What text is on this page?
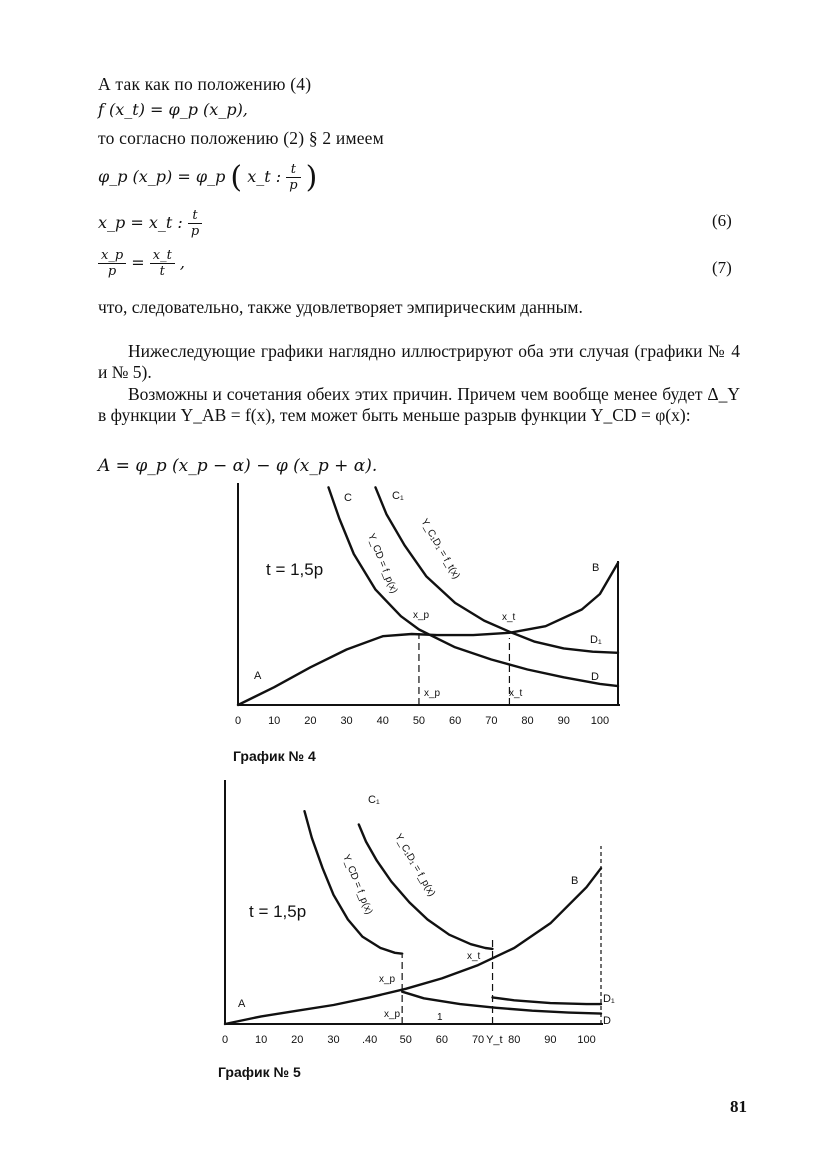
А так как по положению (4)
f (x_t) = φ_p (x_p),
то согласно положению (2) § 2 имеем
φ_p (x_p) = φ_p ( x_t : $\frac{t}{p}$ )
x_p = x_t : $\frac{t}{p}$	(6)
$\frac{x\_p}{p} = \frac{x\_t}{t}$ ,	(7)
что, следовательно, также удовлетворяет эмпирическим данным.
Нижеследующие графики наглядно иллюстрируют оба эти случая (графики № 4 и № 5).
Возможны и сочетания обеих этих причин. Причем чем вообще менее будет Δ_Y в функции Y_AB = f(x), тем может быть меньше разрыв функции Y_CD = φ(x):
A = φ_p (x_p − α) − φ (x_p + α).
0 10 20 30 40 50 60 70 80 90 100
t = 1,5p
A
B
C	C₁
D
D₁
x_p	x_t
x_p	x_t
Y_CD = f_p(x) Y_C₁D₁ = f_t(x)
График № 4
0 10 20 30 .40 50 60 70 Y_t 80 90 100
t = 1,5p
A
B
C₁
D
D₁
x_p
x_t
x_p	1
Y_CD = f_p(x) Y_C₁D₁ = f_p(x)
График № 5
81
